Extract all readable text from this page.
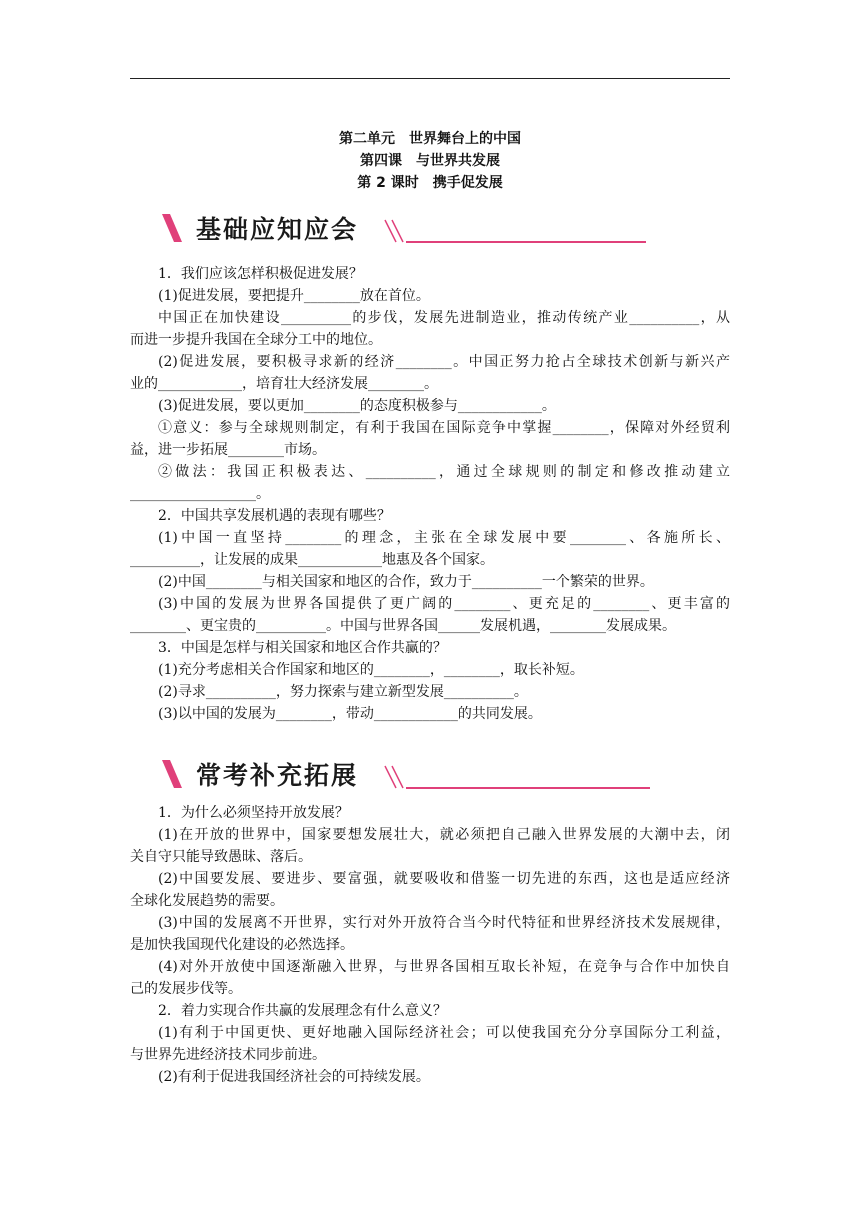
第二单元　世界舞台上的中国
第四课　与世界共发展
第 2 课时　携手促发展
基础应知应会

1．我们应该怎样积极促进发展？

(1)促进发展，要把提升________放在首位。

中国正在加快建设__________的步伐，发展先进制造业，推动传统产业__________，从

而进一步提升我国在全球分工中的地位。

(2)促进发展，要积极寻求新的经济________。中国正努力抢占全球技术创新与新兴产

业的____________，培育壮大经济发展________。

(3)促进发展，要以更加________的态度积极参与____________。

①意义：参与全球规则制定，有利于我国在国际竞争中掌握________，保障对外经贸利

益，进一步拓展________市场。

②做法：我国正积极表达、__________，通过全球规则的制定和修改推动建立

__________________。

2．中国共享发展机遇的表现有哪些？

(1)中国一直坚持________的理念，主张在全球发展中要________、各施所长、

__________，让发展的成果____________地惠及各个国家。

(2)中国________与相关国家和地区的合作，致力于__________一个繁荣的世界。

(3)中国的发展为世界各国提供了更广阔的________、更充足的________、更丰富的

________、更宝贵的__________。中国与世界各国______发展机遇，________发展成果。

3．中国是怎样与相关国家和地区合作共赢的？

(1)充分考虑相关合作国家和地区的________，________，取长补短。

(2)寻求__________，努力探索与建立新型发展__________。

(3)以中国的发展为________，带动____________的共同发展。

常考补充拓展

1．为什么必须坚持开放发展？

(1)在开放的世界中，国家要想发展壮大，就必须把自己融入世界发展的大潮中去，闭

关自守只能导致愚昧、落后。

(2)中国要发展、要进步、要富强，就要吸收和借鉴一切先进的东西，这也是适应经济

全球化发展趋势的需要。

(3)中国的发展离不开世界，实行对外开放符合当今时代特征和世界经济技术发展规律，

是加快我国现代化建设的必然选择。

(4)对外开放使中国逐渐融入世界，与世界各国相互取长补短，在竞争与合作中加快自

己的发展步伐等。

2．着力实现合作共赢的发展理念有什么意义？

(1)有利于中国更快、更好地融入国际经济社会；可以使我国充分分享国际分工利益，

与世界先进经济技术同步前进。

(2)有利于促进我国经济社会的可持续发展。
